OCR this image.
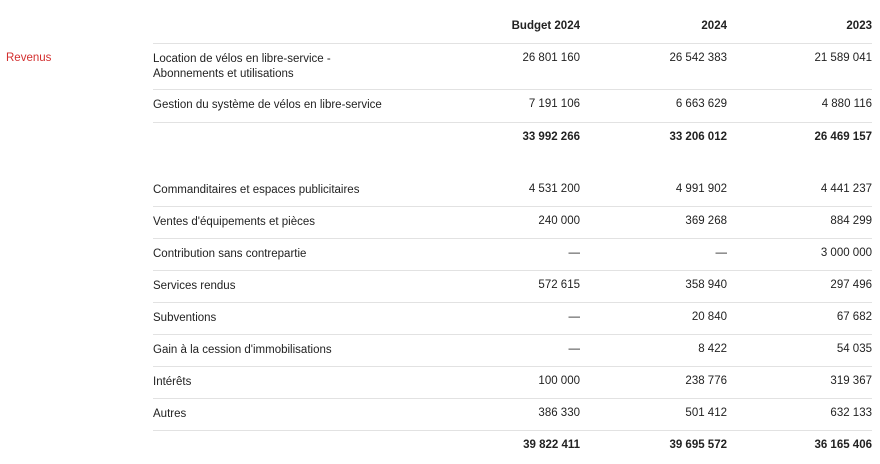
Budget 2024	2024	2023
Revenus	Location de vélos en libre-service -
Abonnements et utilisations
26 801 160	26 542 383	21 589 041
Gestion du système de vélos en libre-service	7 191 106	6 663 629	4 880 116
33 992 266	33 206 012	26 469 157
Commanditaires et espaces publicitaires	4 531 200	4 991 902	4 441 237
Ventes d'équipements et pièces	240 000	369 268	884 299
Contribution sans contrepartie	—	—	3 000 000
Services rendus	572 615	358 940	297 496
Subventions	—	20 840	67 682
Gain à la cession d'immobilisations	—	8 422	54 035
Intérêts	100 000	238 776	319 367
Autres	386 330	501 412	632 133
39 822 411	39 695 572	36 165 406
